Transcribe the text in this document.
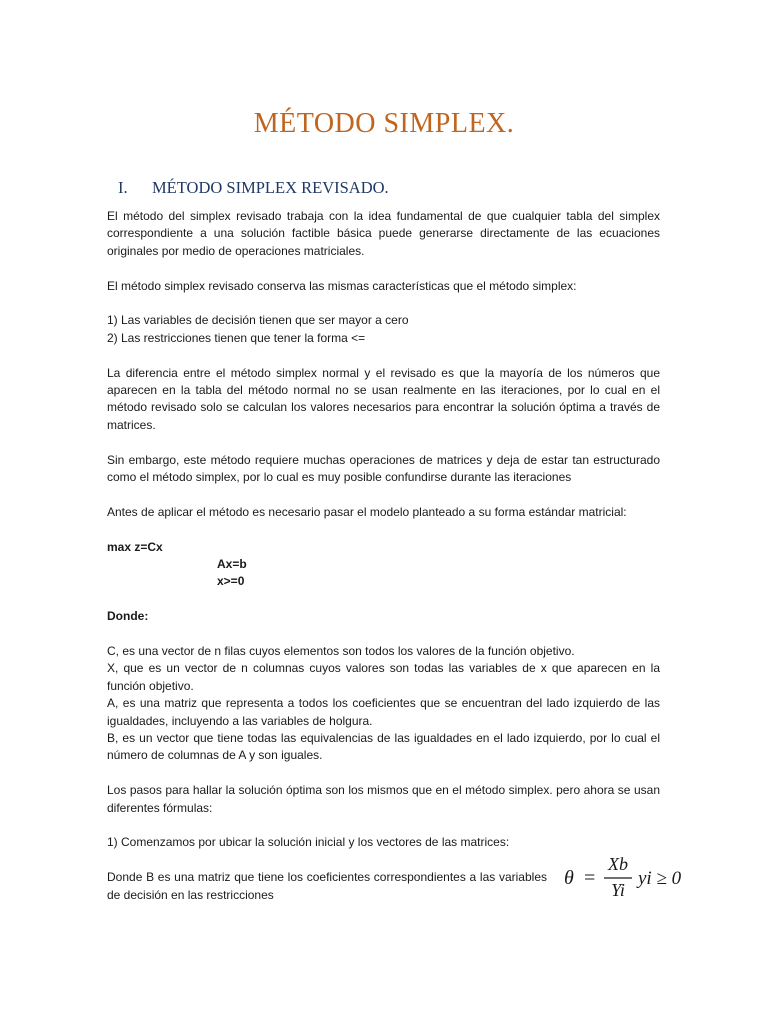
MÉTODO SIMPLEX.
I. MÉTODO SIMPLEX REVISADO.

El método del simplex revisado trabaja con la idea fundamental de que cualquier tabla del simplex correspondiente a una solución factible básica puede generarse directamente de las ecuaciones originales por medio de operaciones matriciales.

El método simplex revisado conserva las mismas características que el método simplex:

1) Las variables de decisión tienen que ser mayor a cero

2) Las restricciones tienen que tener la forma <=

La diferencia entre el método simplex normal y el revisado es que la mayoría de los números que aparecen en la tabla del método normal no se usan realmente en las iteraciones, por lo cual en el método revisado solo se calculan los valores necesarios para encontrar la solución óptima a través de matrices.

Sin embargo, este método requiere muchas operaciones de matrices y deja de estar tan estructurado como el método simplex, por lo cual es muy posible confundirse durante las iteraciones

Antes de aplicar el método es necesario pasar el modelo planteado a su forma estándar matricial:

max z=Cx

Ax=b

x>=0

Donde:

C, es una vector de n filas cuyos elementos son todos los valores de la función objetivo.

X, que es un vector de n columnas cuyos valores son todas las variables de x que aparecen en la función objetivo.

A, es una matriz que representa a todos los coeficientes que se encuentran del lado izquierdo de las igualdades, incluyendo a las variables de holgura.

B, es un vector que tiene todas las equivalencias de las igualdades en el lado izquierdo, por lo cual el número de columnas de A y son iguales.

Los pasos para hallar la solución óptima son los mismos que en el método simplex. pero ahora se usan diferentes fórmulas:

1) Comenzamos por ubicar la solución inicial y los vectores de las matrices:

Donde B es una matriz que tiene los coeficientes correspondientes a las variables de decisión en las restricciones

θ =
Xb
Yi
yi ≥ 0
